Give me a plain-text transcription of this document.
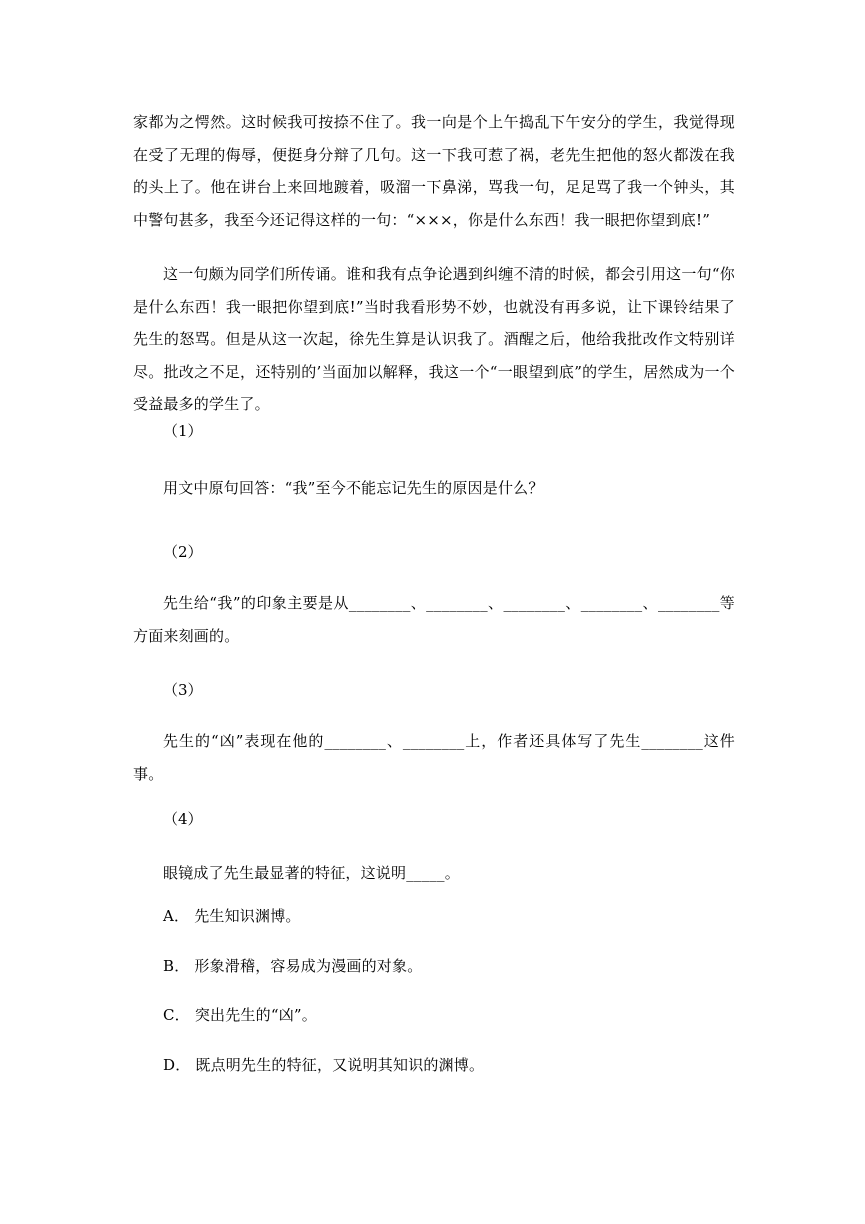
家都为之愕然。这时候我可按捺不住了。我一向是个上午捣乱下午安分的学生，我觉得现在受了无理的侮辱，便挺身分辩了几句。这一下我可惹了祸，老先生把他的怒火都泼在我的头上了。他在讲台上来回地踱着，吸溜一下鼻涕，骂我一句，足足骂了我一个钟头，其中警句甚多，我至今还记得这样的一句：“×××，你是什么东西！我一眼把你望到底!”

这一句颇为同学们所传诵。谁和我有点争论遇到纠缠不清的时候，都会引用这一句“你是什么东西！我一眼把你望到底!”当时我看形势不妙，也就没有再多说，让下课铃结果了先生的怒骂。但是从这一次起，徐先生算是认识我了。酒醒之后，他给我批改作文特别详尽。批改之不足，还特别的’当面加以解释，我这一个“一眼望到底”的学生，居然成为一个受益最多的学生了。

（1）

用文中原句回答：“我”至今不能忘记先生的原因是什么？

（2）

先生给“我”的印象主要是从________、________、________、________、________等方面来刻画的。

（3）

先生的“凶”表现在他的________、________上，作者还具体写了先生________这件事。

（4）

眼镜成了先生最显著的特征，这说明_____。

A． 先生知识渊博。

B． 形象滑稽，容易成为漫画的对象。

C． 突出先生的“凶”。

D． 既点明先生的特征，又说明其知识的渊博。
